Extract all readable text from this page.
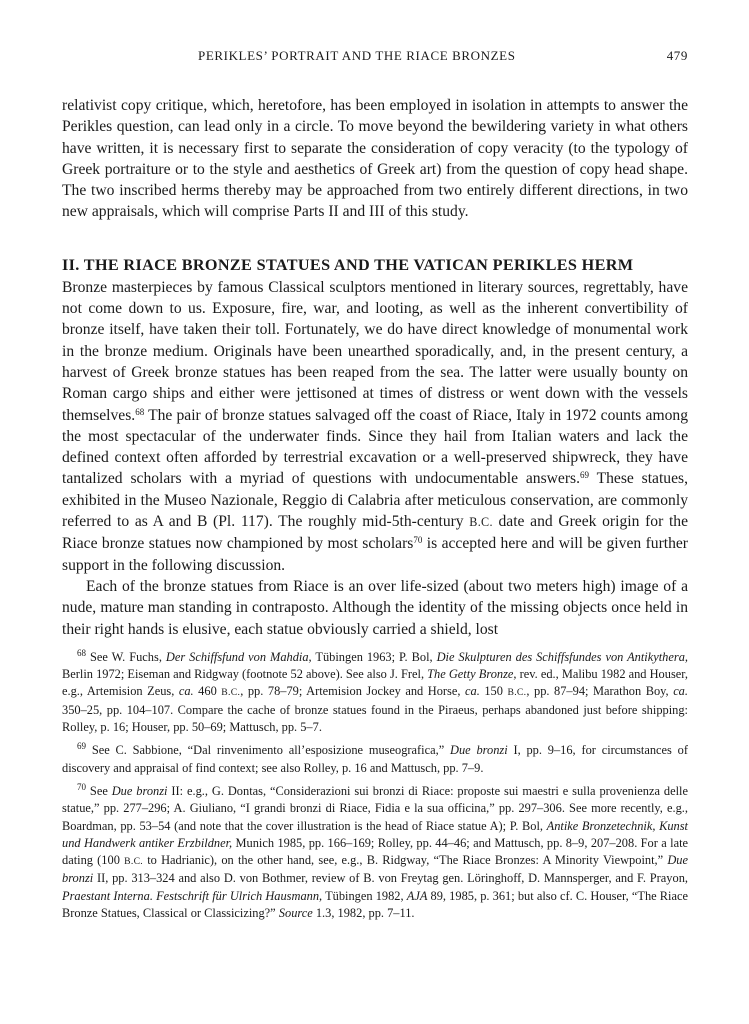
PERIKLES’ PORTRAIT AND THE RIACE BRONZES	479

relativist copy critique, which, heretofore, has been employed in isolation in attempts to answer the Perikles question, can lead only in a circle. To move beyond the bewildering variety in what others have written, it is necessary first to separate the consideration of copy veracity (to the typology of Greek portraiture or to the style and aesthetics of Greek art) from the question of copy head shape. The two inscribed herms thereby may be approached from two entirely different directions, in two new appraisals, which will comprise Parts II and III of this study.

II. THE RIACE BRONZE STATUES AND THE VATICAN PERIKLES HERM

Bronze masterpieces by famous Classical sculptors mentioned in literary sources, regrettably, have not come down to us. Exposure, fire, war, and looting, as well as the inherent convertibility of bronze itself, have taken their toll. Fortunately, we do have direct knowledge of monumental work in the bronze medium. Originals have been unearthed sporadically, and, in the present century, a harvest of Greek bronze statues has been reaped from the sea. The latter were usually bounty on Roman cargo ships and either were jettisoned at times of distress or went down with the vessels themselves.$^{68}$ The pair of bronze statues salvaged off the coast of Riace, Italy in 1972 counts among the most spectacular of the underwater finds. Since they hail from Italian waters and lack the defined context often afforded by terrestrial excavation or a well-preserved shipwreck, they have tantalized scholars with a myriad of questions with undocumentable answers.$^{69}$ These statues, exhibited in the Museo Nazionale, Reggio di Calabria after meticulous conservation, are commonly referred to as A and B (Pl. 117). The roughly mid-5th-century B.C. date and Greek origin for the Riace bronze statues now championed by most scholars$^{70}$ is accepted here and will be given further support in the following discussion.

Each of the bronze statues from Riace is an over life-sized (about two meters high) image of a nude, mature man standing in contraposto. Although the identity of the missing objects once held in their right hands is elusive, each statue obviously carried a shield, lost

$^{68}$ See W. Fuchs, Der Schiffsfund von Mahdia, Tübingen 1963; P. Bol, Die Skulpturen des Schiffsfundes von Antikythera, Berlin 1972; Eiseman and Ridgway (footnote 52 above). See also J. Frel, The Getty Bronze, rev. ed., Malibu 1982 and Houser, e.g., Artemision Zeus, ca. 460 B.C., pp. 78–79; Artemision Jockey and Horse, ca. 150 B.C., pp. 87–94; Marathon Boy, ca. 350–25, pp. 104–107. Compare the cache of bronze statues found in the Piraeus, perhaps abandoned just before shipping: Rolley, p. 16; Houser, pp. 50–69; Mattusch, pp. 5–7.

$^{69}$ See C. Sabbione, “Dal rinvenimento all’esposizione museografica,” Due bronzi I, pp. 9–16, for circumstances of discovery and appraisal of find context; see also Rolley, p. 16 and Mattusch, pp. 7–9.

$^{70}$ See Due bronzi II: e.g., G. Dontas, “Considerazioni sui bronzi di Riace: proposte sui maestri e sulla provenienza delle statue,” pp. 277–296; A. Giuliano, “I grandi bronzi di Riace, Fidia e la sua officina,” pp. 297–306. See more recently, e.g., Boardman, pp. 53–54 (and note that the cover illustration is the head of Riace statue A); P. Bol, Antike Bronzetechnik, Kunst und Handwerk antiker Erzbildner, Munich 1985, pp. 166–169; Rolley, pp. 44–46; and Mattusch, pp. 8–9, 207–208. For a late dating (100 B.C. to Hadrianic), on the other hand, see, e.g., B. Ridgway, “The Riace Bronzes: A Minority Viewpoint,” Due bronzi II, pp. 313–324 and also D. von Bothmer, review of B. von Freytag gen. Löringhoff, D. Mannsperger, and F. Prayon, Praestant Interna. Festschrift für Ulrich Hausmann, Tübingen 1982, AJA 89, 1985, p. 361; but also cf. C. Houser, “The Riace Bronze Statues, Classical or Classicizing?” Source 1.3, 1982, pp. 7–11.
